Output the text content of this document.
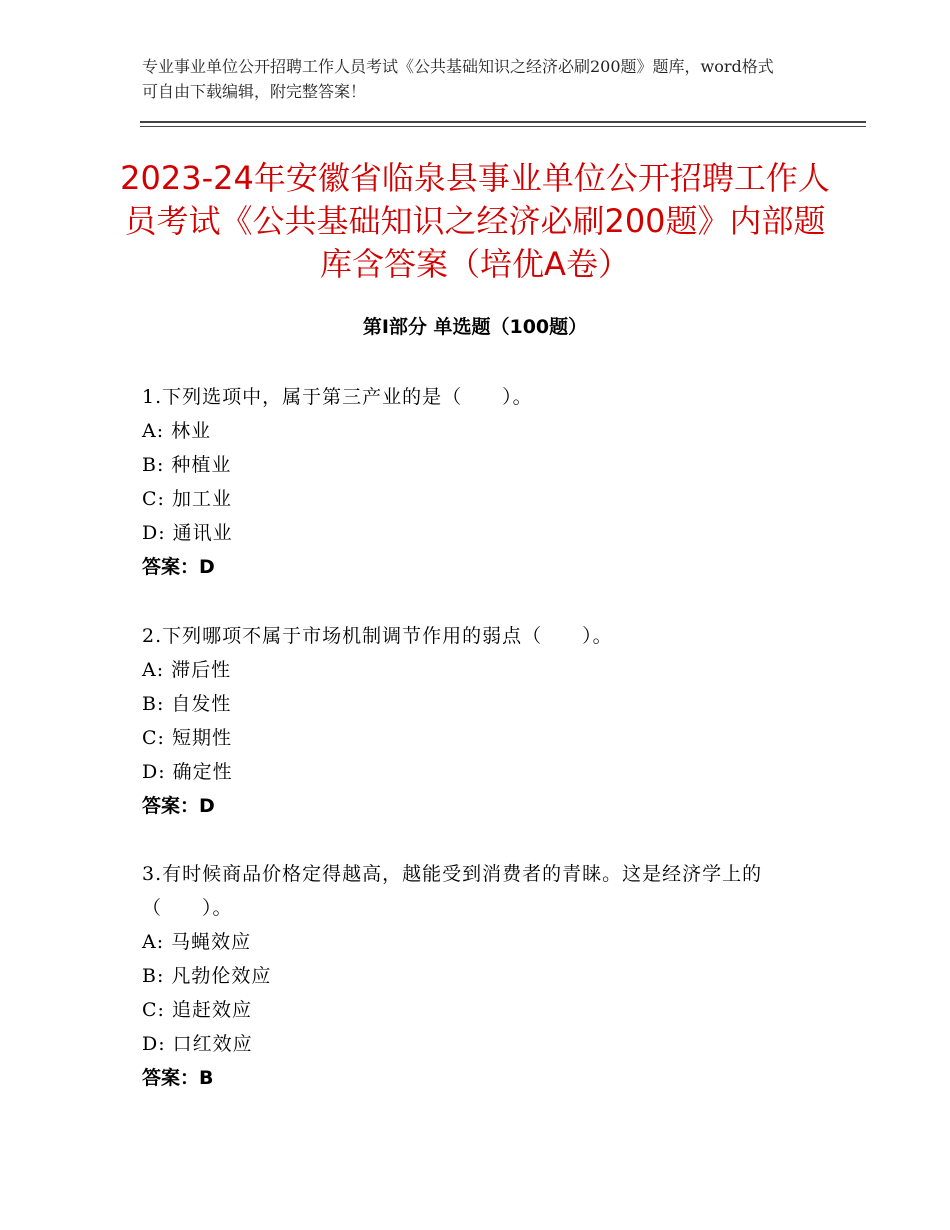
专业事业单位公开招聘工作人员考试《公共基础知识之经济必刷200题》题库，word格式可自由下载编辑，附完整答案！
2023-24年安徽省临泉县事业单位公开招聘工作人员考试《公共基础知识之经济必刷200题》内部题库含答案（培优A卷）
第Ⅰ部分 单选题（100题）
1.下列选项中，属于第三产业的是（　　）。
A: 林业
B: 种植业
C: 加工业
D: 通讯业
答案：D
2.下列哪项不属于市场机制调节作用的弱点（　　）。
A: 滞后性
B: 自发性
C: 短期性
D: 确定性
答案：D
3.有时候商品价格定得越高，越能受到消费者的青睐。这是经济学上的（　　）。
A: 马蝇效应
B: 凡勃伦效应
C: 追赶效应
D: 口红效应
答案：B
